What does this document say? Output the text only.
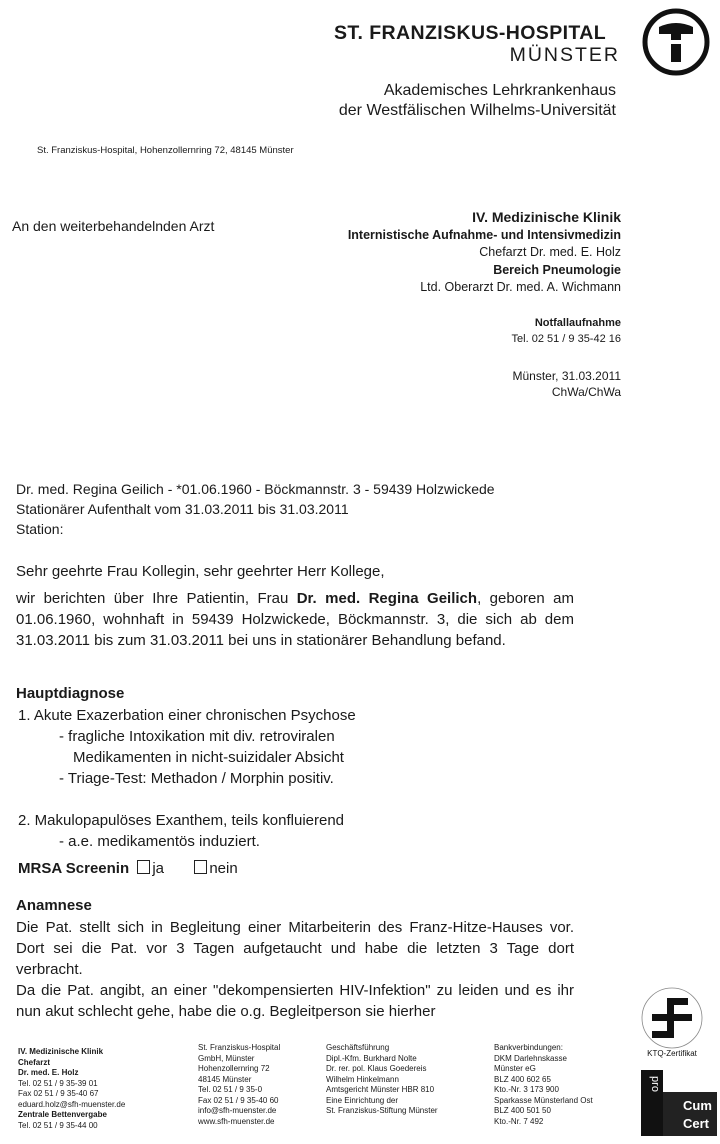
ST. FRANZISKUS-HOSPITAL
MÜNSTER
Akademisches Lehrkrankenhaus
der Westfälischen Wilhelms-Universität
St. Franziskus-Hospital, Hohenzollernring 72, 48145 Münster
An den weiterbehandelnden Arzt
IV. Medizinische Klinik
Internistische Aufnahme- und Intensivmedizin
Chefarzt Dr. med. E. Holz
Bereich Pneumologie
Ltd. Oberarzt Dr. med. A. Wichmann
Notfallaufnahme
Tel. 02 51 / 9 35-42 16
Münster, 31.03.2011
ChWa/ChWa
Dr. med. Regina Geilich - *01.06.1960 - Böckmannstr. 3 - 59439 Holzwickede
Stationärer Aufenthalt vom 31.03.2011 bis 31.03.2011
Station:
Sehr geehrte Frau Kollegin, sehr geehrter Herr Kollege,
wir berichten über Ihre Patientin, Frau Dr. med. Regina Geilich, geboren am 01.06.1960, wohnhaft in 59439 Holzwickede, Böckmannstr. 3, die sich ab dem 31.03.2011 bis zum 31.03.2011 bei uns in stationärer Behandlung befand.
Hauptdiagnose
1. Akute Exazerbation einer chronischen Psychose
- fragliche Intoxikation mit div. retroviralen
Medikamenten in nicht-suizidaler Absicht
- Triage-Test: Methadon / Morphin positiv.
2. Makulopapulöses Exanthem, teils konfluierend
- a.e. medikamentös induziert.
MRSA Screenin ja	nein
Anamnese
Die Pat. stellt sich in Begleitung einer Mitarbeiterin des Franz-Hitze-Hauses vor. Dort sei die Pat. vor 3 Tagen aufgetaucht und habe die letzten 3 Tage dort verbracht.
Da die Pat. angibt, an einer "dekompensierten HIV-Infektion" zu leiden und es ihr nun akut schlecht gehe, habe die o.g. Begleitperson sie hierher
KTQ-Zertifikat
pro
Cum
Cert
IV. Medizinische Klinik
Chefarzt
Dr. med. E. Holz
Tel. 02 51 / 9 35-39 01
Fax 02 51 / 9 35-40 67
eduard.holz@sfh-muenster.de
Zentrale Bettenvergabe
Tel. 02 51 / 9 35-44 00
St. Franziskus-Hospital
GmbH, Münster
Hohenzollernring 72
48145 Münster
Tel. 02 51 / 9 35-0
Fax 02 51 / 9 35-40 60
info@sfh-muenster.de
www.sfh-muenster.de
Geschäftsführung
Dipl.-Kfm. Burkhard Nolte
Dr. rer. pol. Klaus Goedereis
Wilhelm Hinkelmann
Amtsgericht Münster HBR 810
Eine Einrichtung der
St. Franziskus-Stiftung Münster
Bankverbindungen:
DKM Darlehnskasse
Münster eG
BLZ 400 602 65
Kto.-Nr. 3 173 900
Sparkasse Münsterland Ost
BLZ 400 501 50
Kto.-Nr. 7 492
